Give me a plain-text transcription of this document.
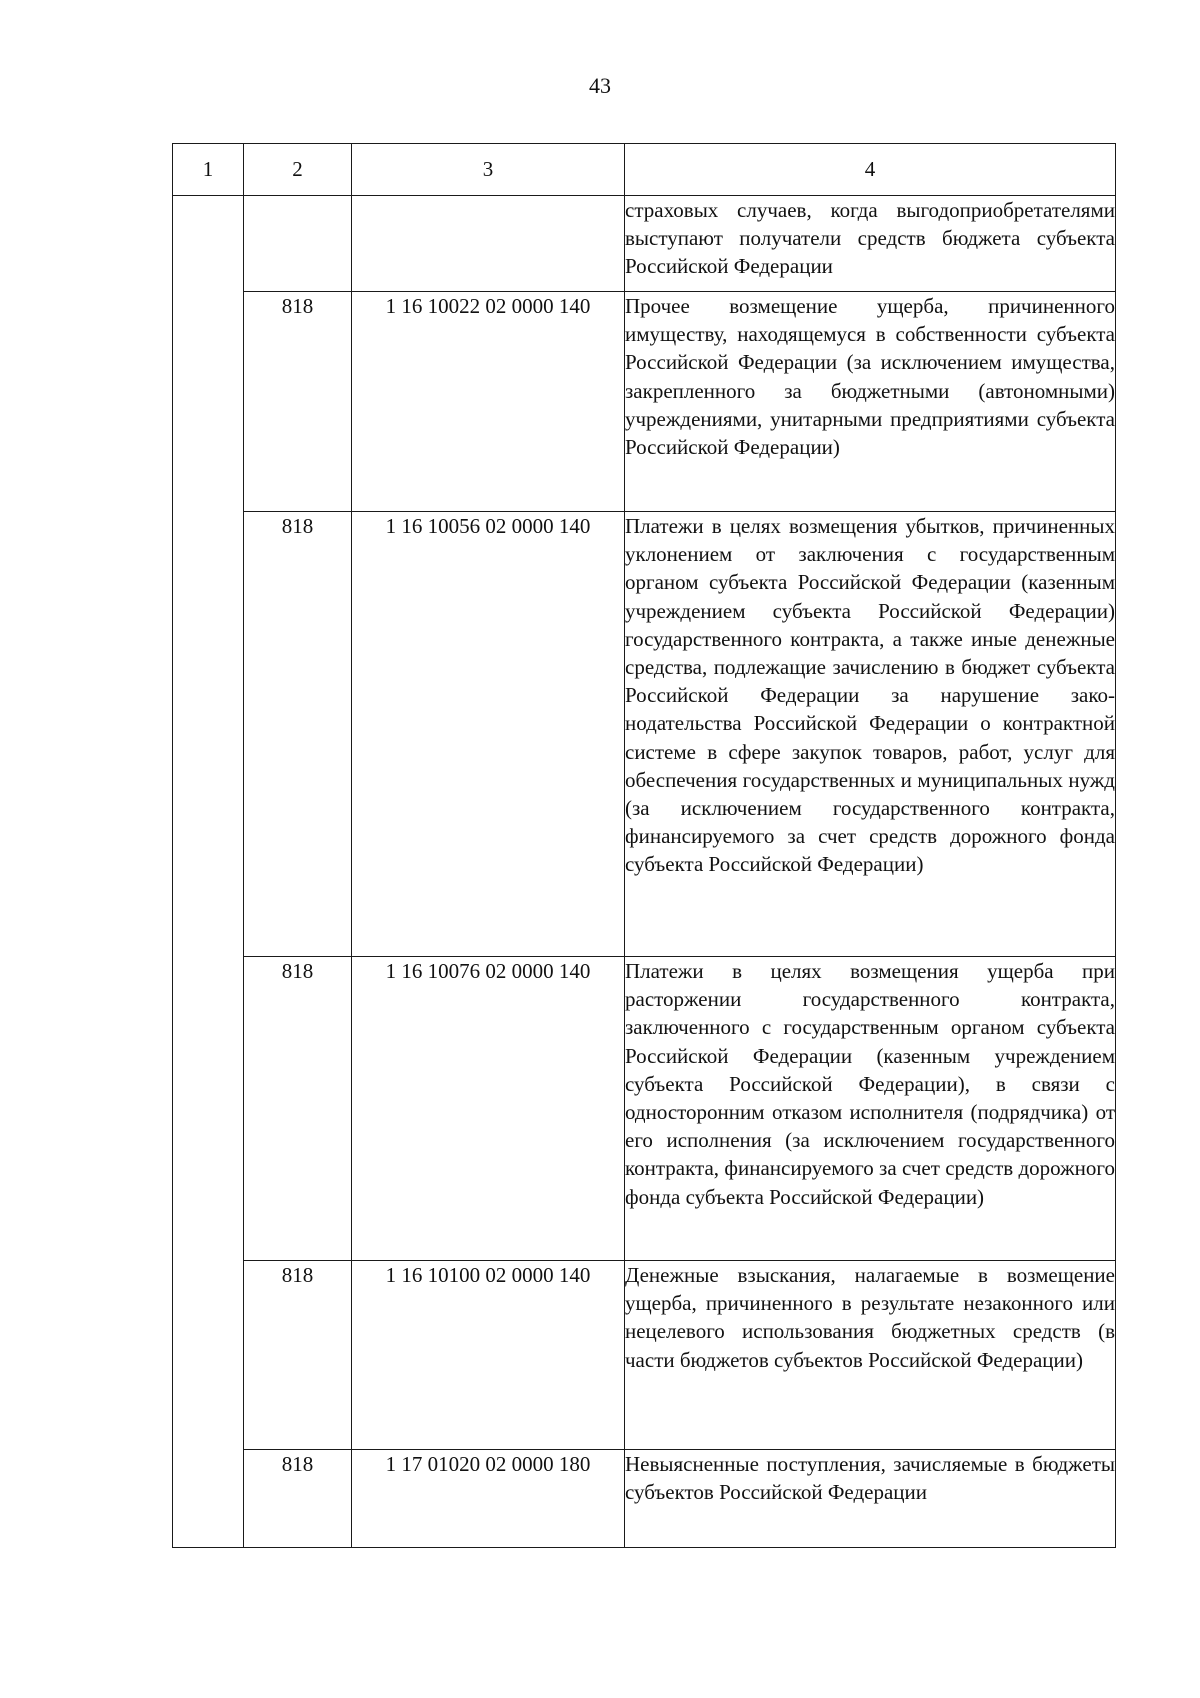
43
1	2	3	4
			страховых случаев, когда выгодоприобретателями выступают получатели средств бюджета субъекта Российской Федерации
	818	1 16 10022 02 0000 140	Прочее возмещение ущерба, причиненного имуществу, находящемуся в собственности субъекта Российской Федерации (за исключением имущества, закрепленного за бюджетными (автономными) учреждениями, унитарными предприятиями субъекта Российской Федерации)
	818	1 16 10056 02 0000 140	Платежи в целях возмещения убытков, причиненных уклонением от заключения с государственным органом субъекта Российской Федерации (казенным учреждением субъекта Российской Федерации) государственного контракта, а также иные денежные средства, подлежащие зачислению в бюджет субъекта Российской Федерации за нарушение законодательства Российской Федерации о контрактной системе в сфере закупок товаров, работ, услуг для обеспечения государственных и муниципальных нужд (за исключением государственного контракта, финансируемого за счет средств дорожного фонда субъекта Российской Федерации)
	818	1 16 10076 02 0000 140	Платежи в целях возмещения ущерба при расторжении государственного контракта, заключенного с государственным органом субъекта Российской Федерации (казенным учреждением субъекта Российской Федерации), в связи с односторонним отказом исполнителя (подрядчика) от его исполнения (за исключением государственного контракта, финансируемого за счет средств дорожного фонда субъекта Российской Федерации)
	818	1 16 10100 02 0000 140	Денежные взыскания, налагаемые в возмещение ущерба, причиненного в результате незаконного или нецелевого использования бюджетных средств (в части бюджетов субъектов Российской Федерации)
	818	1 17 01020 02 0000 180	Невыясненные поступления, зачисляемые в бюджеты субъектов Российской Федерации
